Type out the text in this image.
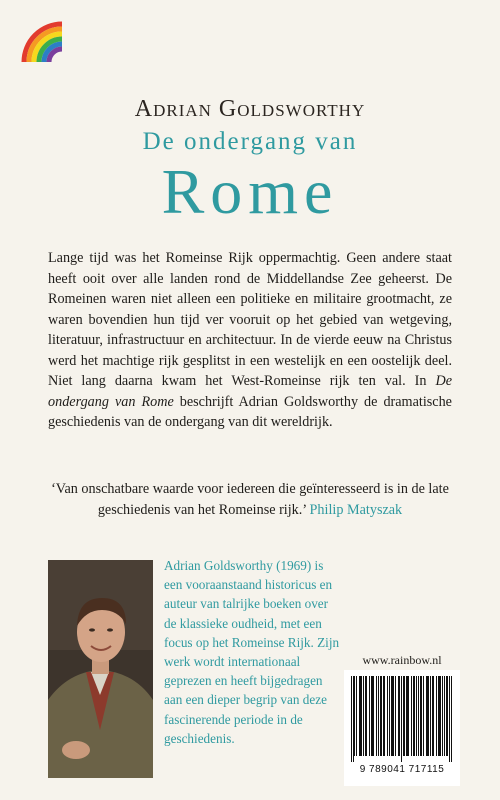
Adrian Goldsworthy
De ondergang van
Rome
Lange tijd was het Romeinse Rijk oppermachtig. Geen andere staat heeft ooit over alle landen rond de Middellandse Zee geheerst. De Romeinen waren niet alleen een politieke en militaire grootmacht, ze waren bovendien hun tijd ver vooruit op het gebied van wetgeving, literatuur, infrastructuur en architectuur. In de vierde eeuw na Christus werd het machtige rijk gesplitst in een westelijk en een oostelijk deel. Niet lang daarna kwam het West-Romeinse rijk ten val. In De ondergang van Rome beschrijft Adrian Goldsworthy de dramatische geschiedenis van de ondergang van dit wereldrijk.
‘Van onschatbare waarde voor iedereen die geïnteresseerd is in de late geschiedenis van het Romeinse rijk.’ Philip Matyszak
Adrian Goldsworthy (1969) is een vooraanstaand historicus en auteur van talrijke boeken over de klassieke oudheid, met een focus op het Romeinse Rijk. Zijn werk wordt internationaal geprezen en heeft bijgedragen aan een dieper begrip van deze fascinerende periode in de geschiedenis.
www.rainbow.nl
9 789041 717115
